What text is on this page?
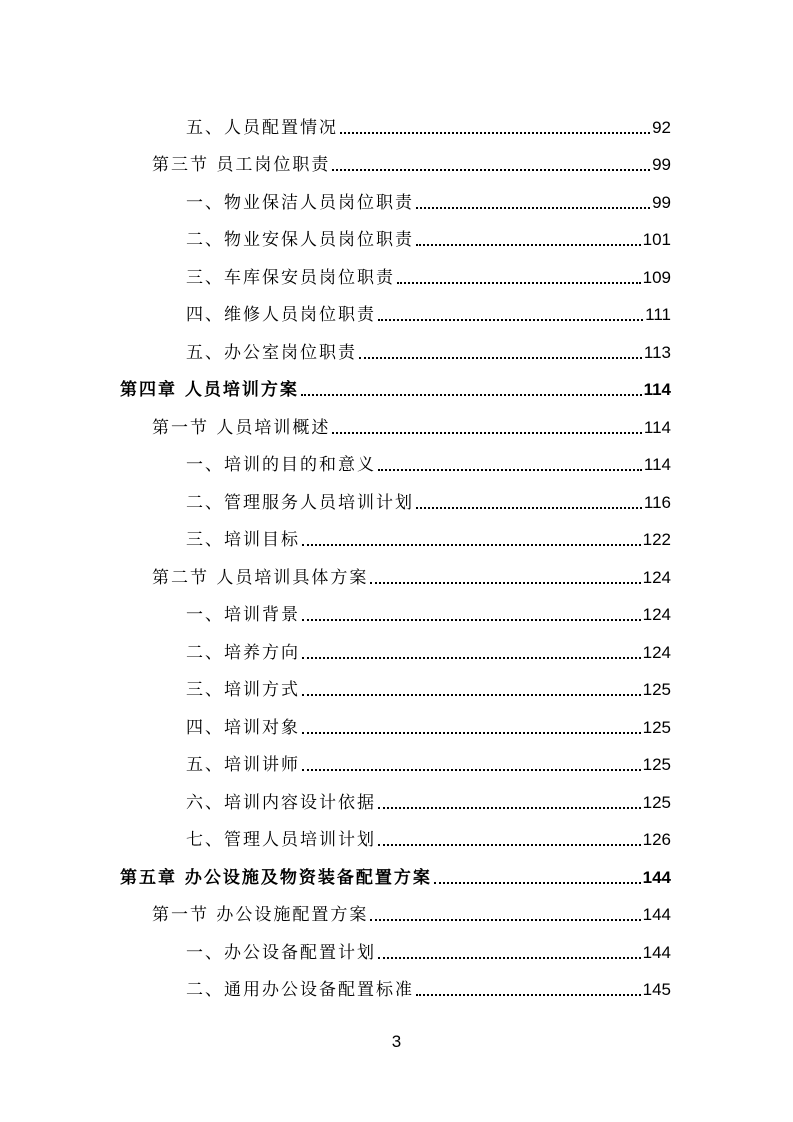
五、人员配置情况	92
第三节 员工岗位职责	99
一、物业保洁人员岗位职责	99
二、物业安保人员岗位职责	101
三、车库保安员岗位职责	109
四、维修人员岗位职责	111
五、办公室岗位职责	113
第四章 人员培训方案	114
第一节 人员培训概述	114
一、培训的目的和意义	114
二、管理服务人员培训计划	116
三、培训目标	122
第二节 人员培训具体方案	124
一、培训背景	124
二、培养方向	124
三、培训方式	125
四、培训对象	125
五、培训讲师	125
六、培训内容设计依据	125
七、管理人员培训计划	126
第五章 办公设施及物资装备配置方案	144
第一节 办公设施配置方案	144
一、办公设备配置计划	144
二、通用办公设备配置标准	145
3
